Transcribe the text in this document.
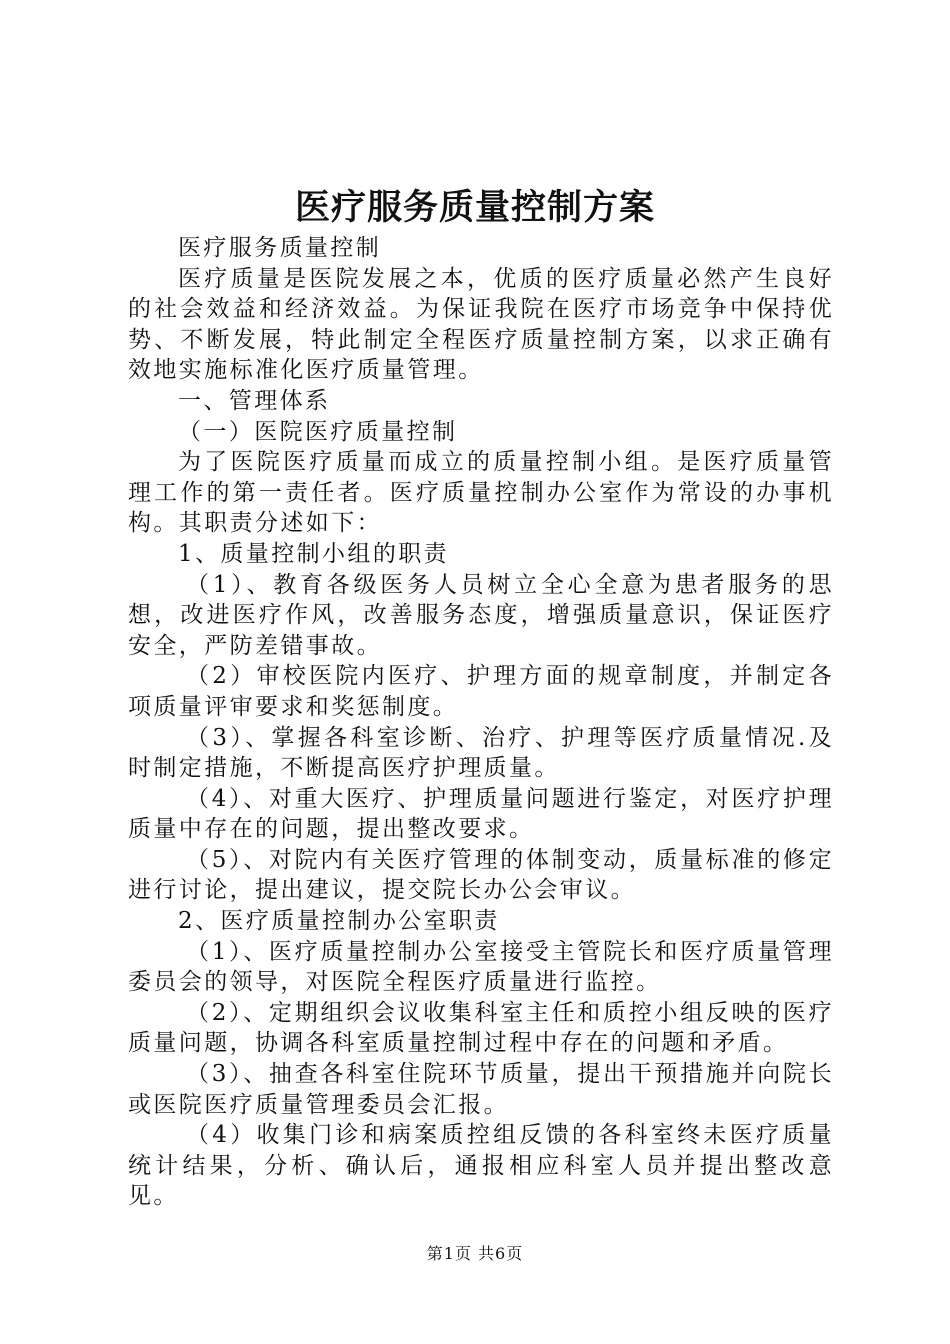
医疗服务质量控制方案

医疗服务质量控制

医疗质量是医院发展之本，优质的医疗质量必然产生良好的社会效益和经济效益。为保证我院在医疗市场竞争中保持优势、不断发展，特此制定全程医疗质量控制方案，以求正确有效地实施标准化医疗质量管理。

一、管理体系

（一）医院医疗质量控制

为了医院医疗质量而成立的质量控制小组。是医疗质量管理工作的第一责任者。医疗质量控制办公室作为常设的办事机构。其职责分述如下：

1、质量控制小组的职责

（1）、教育各级医务人员树立全心全意为患者服务的思想，改进医疗作风，改善服务态度，增强质量意识，保证医疗安全，严防差错事故。

（2）审校医院内医疗、护理方面的规章制度，并制定各项质量评审要求和奖惩制度。

（3）、掌握各科室诊断、治疗、护理等医疗质量情况.及时制定措施，不断提高医疗护理质量。

（4）、对重大医疗、护理质量问题进行鉴定，对医疗护理质量中存在的问题，提出整改要求。

（5）、对院内有关医疗管理的体制变动，质量标准的修定进行讨论，提出建议，提交院长办公会审议。

2、医疗质量控制办公室职责

（1）、医疗质量控制办公室接受主管院长和医疗质量管理委员会的领导，对医院全程医疗质量进行监控。

（2）、定期组织会议收集科室主任和质控小组反映的医疗质量问题，协调各科室质量控制过程中存在的问题和矛盾。

（3）、抽查各科室住院环节质量，提出干预措施并向院长或医院医疗质量管理委员会汇报。

（4）收集门诊和病案质控组反馈的各科室终未医疗质量统计结果，分析、确认后，通报相应科室人员并提出整改意见。

第1页 共6页
